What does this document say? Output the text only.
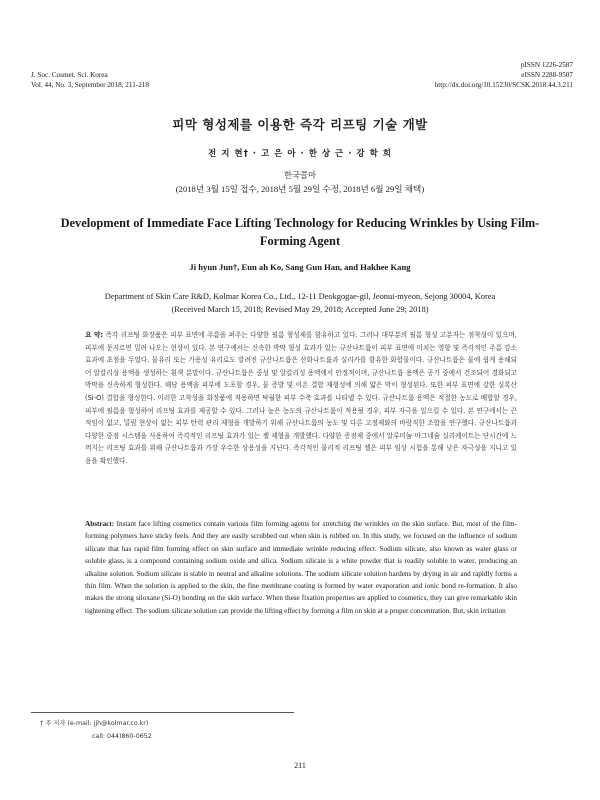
J. Soc. Cosmet. Sci. Korea
Vol. 44, No. 3, September 2018, 211-218
pISSN 1226-2587
eISSN 2288-9507
http://dx.doi.org/10.15230/SCSK.2018.44.3.211
피막 형성제를 이용한 즉각 리프팅 기술 개발
전 지 현† · 고 은 아 · 한 상 근 · 강 학 희
한국콜마
(2018년 3월 15일 접수, 2018년 5월 29일 수정, 2018년 6월 29일 채택)
Development of Immediate Face Lifting Technology for Reducing Wrinkles by Using Film-Forming Agent
Ji hyun Jun†, Eun ah Ko, Sang Gun Han, and Hakhee Kang
Department of Skin Care R&D, Kolmar Korea Co., Ltd., 12-11 Deokgogae-gil, Jeonui-myeon, Sejong 30004, Korea
(Received March 15, 2018; Revised May 29, 2018; Accepted June 29; 2018)
요 약: 즉각 리프팅 화장품은 피부 표면에 주름을 펴주는 다양한 필름 형성제를 함유하고 있다. 그러나 대부분의 필름 형성 고분자는 점착성이 있으며, 피부에 문지르면 밀려 나오는 현상이 있다. 본 연구에서는 신속한 박막 형성 효과가 있는 규산나트륨이 피부 표면에 미치는 영향 및 즉각적인 주름 감소 효과에 초점을 두었다. 물유리 또는 가용성 유리로도 알려진 규산나트륨은 산화나트륨과 실리카를 함유한 화합물이다. 규산나트륨은 물에 쉽게 용해되어 알칼리성 용액을 생성하는 흰색 분말이다. 규산나트륨은 중성 및 알칼리성 용액에서 안정적이며, 규산나트륨 용액은 공기 중에서 건조되어 경화되고 박막을 신속하게 형성한다. 해당 용액을 피부에 도포할 경우, 물 증발 및 이온 결합 재형성에 의해 얇은 막이 형성된다. 또한 피부 표면에 강한 실록산(Si-O) 결합을 형성한다. 이러한 고착성을 화장품에 적용하면 탁월한 피부 수축 효과를 나타낼 수 있다. 규산나트륨 용액은 적절한 농도로 배합할 경우, 피부에 필름을 형성하여 리프팅 효과를 제공할 수 있다. 그러나 높은 농도의 규산나트륨이 적용될 경우, 피부 자극을 일으킬 수 있다. 본 연구에서는 끈적임이 없고, 밀림 현상이 없는 피부 탄력 관리 제형을 개발하기 위해 규산나트륨의 농도 및 다른 고정제와의 바람직한 조합을 연구했다. 규산나트륨과 다양한 중점 시스템을 사용하여 즉각적인 리프팅 효과가 있는 젤 제형을 개발했다. 다양한 증점제 중에서 알루미늄 마그네슘 실리케이트는 단시간에 느껴지는 리프팅 효과를 위해 규산나트륨과 가장 우수한 상용성을 지닌다. 즉각적인 물리적 리프팅 젤은 피부 임상 시험을 통해 낮은 자극성을 지니고 있음을 확인했다.
Abstract: Instant face lifting cosmetics contain various film forming agents for stretching the wrinkles on the skin surface. But, most of the film-forming polymers have sticky feels. And they are easily scrubbed out when skin is rubbed on. In this study, we focused on the influence of sodium silicate that has rapid film forming effect on skin surface and immediate wrinkle reducing effect. Sodium silicate, also known as water glass or soluble glass, is a compound containing sodium oxide and silica. Sodium silicate is a white powder that is readily soluble in water, producing an alkaline solution. Sodium silicate is stable in neutral and alkaline solutions. The sodium silicate solution hardens by drying in air and rapidly forms a thin film. When the solution is applied to the skin, the fine membrane coating is formed by water evaporation and ionic bond re-formation. It also makes the strong siloxane (Si-O) bonding on the skin surface. When these fixation properties are applied to cosmetics, they can give remarkable skin tightening effect. The sodium silicate solution can provide the lifting effect by forming a film on skin at a proper concentration. But, skin irritation
† 주 저자 (e-mail: jjh@kolmar.co.kr)
call: 044)860-0652
211
